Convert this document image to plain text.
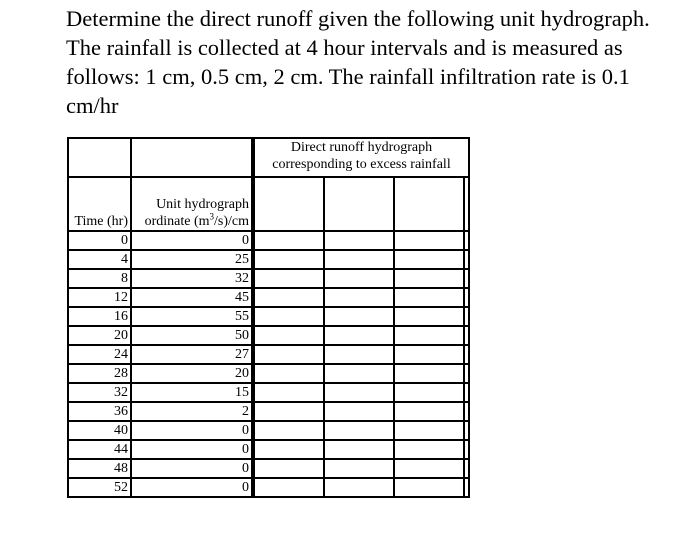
Determine the direct runoff given the following unit hydrograph. The rainfall is collected at 4 hour intervals and is measured as follows: 1 cm, 0.5 cm, 2 cm. The rainfall infiltration rate is 0.1 cm/hr

		Direct runoff hydrograph corresponding to excess rainfall			
Time (hr)	Unit hydrograph
ordinate $(m^3/s)/cm$				
0	0				
4	25				
8	32				
12	45				
16	55				
20	50				
24	27				
28	20				
32	15				
36	2				
40	0				
44	0				
48	0				
52	0				
